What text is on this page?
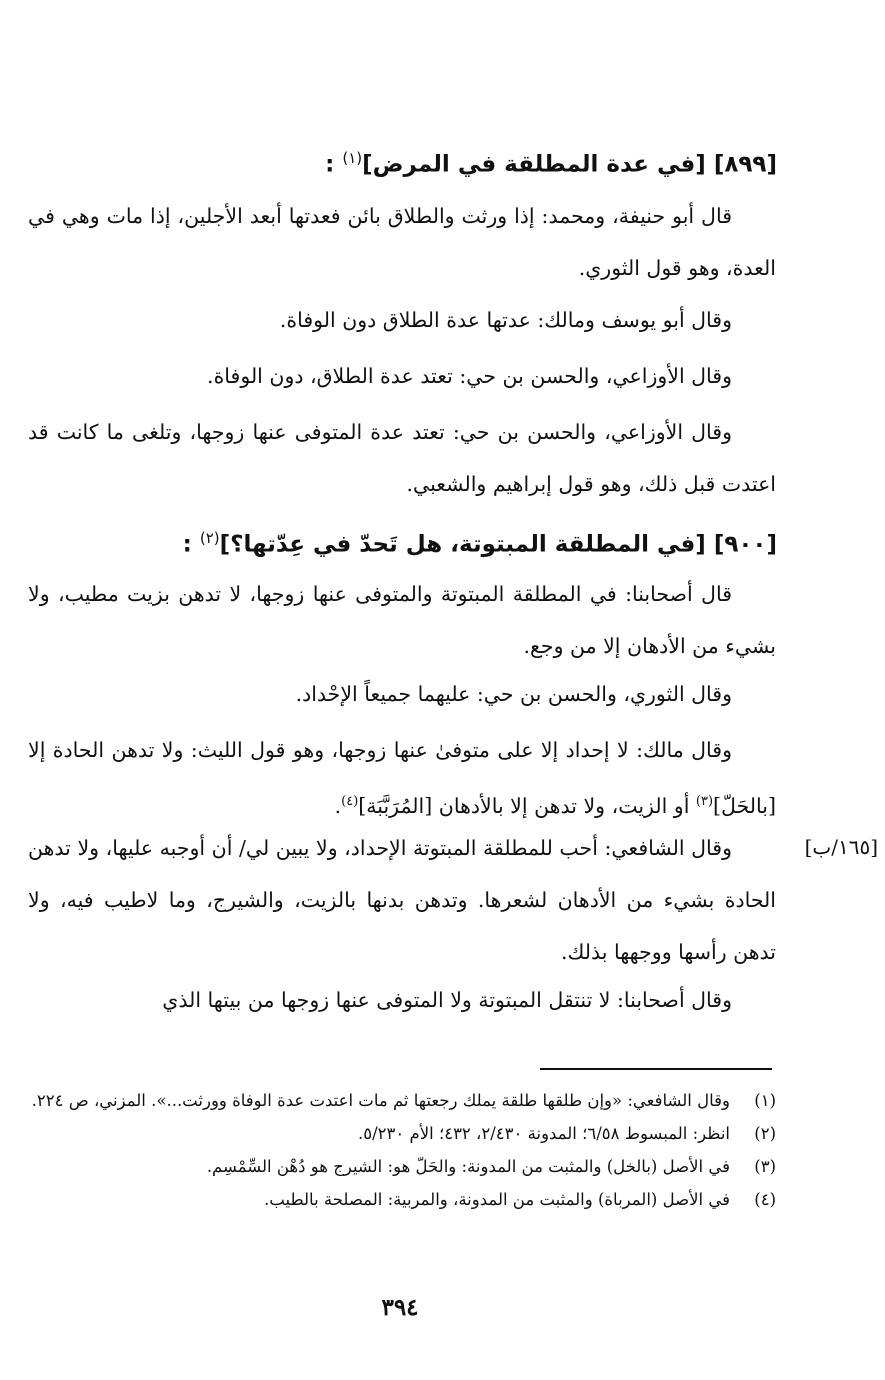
[٨٩٩] [في عدة المطلقة في المرض]$^{(١)}$ :

قال أبو حنيفة، ومحمد: إذا ورثت والطلاق بائن فعدتها أبعد الأجلين، إذا مات وهي في العدة، وهو قول الثوري.

وقال أبو يوسف ومالك: عدتها عدة الطلاق دون الوفاة.

وقال الأوزاعي، والحسن بن حي: تعتد عدة الطلاق، دون الوفاة.

وقال الأوزاعي، والحسن بن حي: تعتد عدة المتوفى عنها زوجها، وتلغى ما كانت قد اعتدت قبل ذلك، وهو قول إبراهيم والشعبي.

[٩٠٠] [في المطلقة المبتوتة، هل تَحدّ في عِدّتها؟]$^{(٢)}$ :

قال أصحابنا: في المطلقة المبتوتة والمتوفى عنها زوجها، لا تدهن بزيت مطيب، ولا بشيء من الأدهان إلا من وجع.

وقال الثوري، والحسن بن حي: عليهما جميعاً الإحْداد.

وقال مالك: لا إحداد إلا على متوفىٰ عنها زوجها، وهو قول الليث: ولا تدهن الحادة إلا [بالحَلّ]$^{(٣)}$ أو الزيت، ولا تدهن إلا بالأدهان [المُرَبَّبَة]$^{(٤)}$.

[١٦٥/ب]

وقال الشافعي: أحب للمطلقة المبتوتة الإحداد، ولا يبين لي/ أن أوجبه عليها، ولا تدهن الحادة بشيء من الأدهان لشعرها. وتدهن بدنها بالزيت، والشيرج، وما لاطيب فيه، ولا تدهن رأسها ووجهها بذلك.

وقال أصحابنا: لا تنتقل المبتوتة ولا المتوفى عنها زوجها من بيتها الذي

(١)
وقال الشافعي: «وإن طلقها طلقة يملك رجعتها ثم مات اعتدت عدة الوفاة وورثت...». المزني، ص ٢٢٤.
(٢)
انظر: المبسوط ٦/٥٨؛ المدونة ٢/٤٣٠، ٤٣٢؛ الأم ٥/٢٣٠.
(٣)
في الأصل (بالخل) والمثبت من المدونة: والحَلّ هو: الشيرج هو دُهْن السِّمْسِم.
(٤)
في الأصل (المرباة) والمثبت من المدونة، والمربية: المصلحة بالطيب.
٣٩٤
